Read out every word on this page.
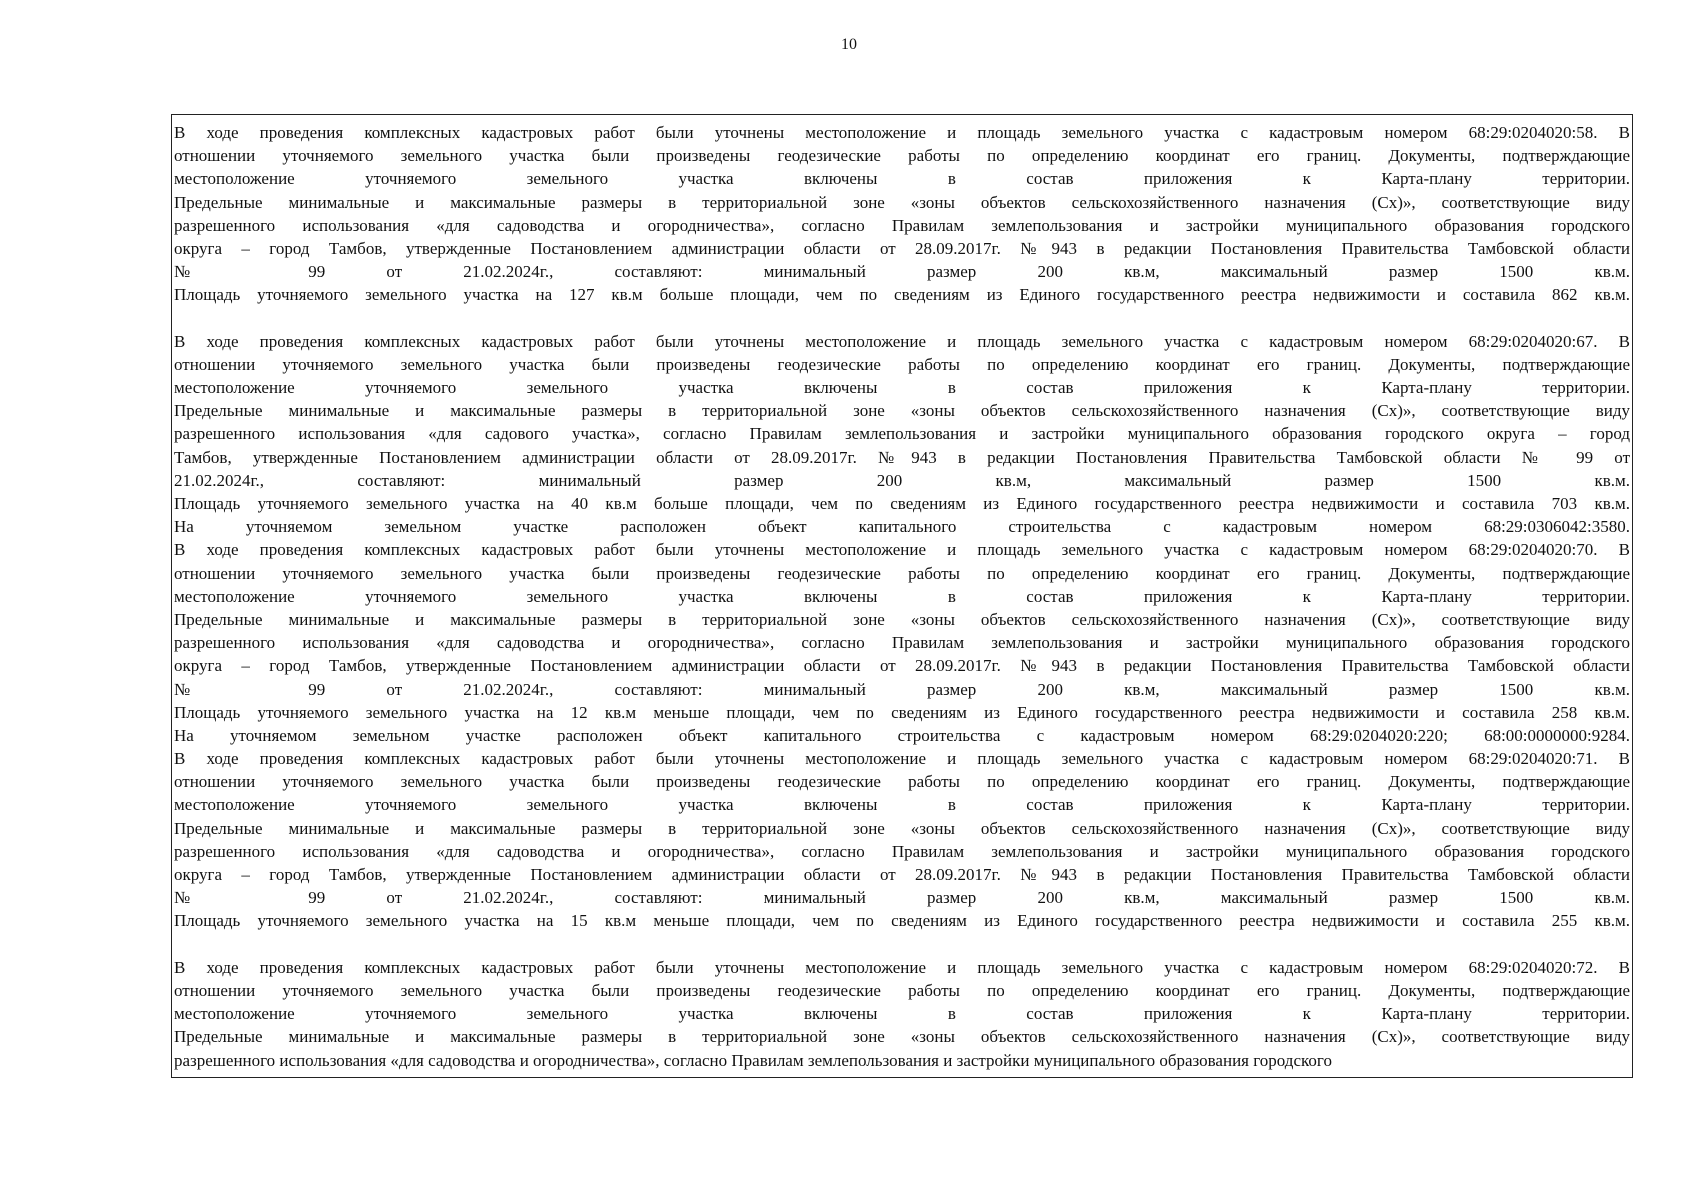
10
В ходе проведения комплексных кадастровых работ были уточнены местоположение и площадь земельного участка с кадастровым номером 68:29:0204020:58. В
отношении уточняемого земельного участка были произведены геодезические работы по определению координат его границ. Документы, подтверждающие
местоположение уточняемого земельного участка включены в состав приложения к Карта-плану территории.
Предельные минимальные и максимальные размеры в территориальной зоне «зоны объектов сельскохозяйственного назначения (Сх)», соответствующие виду
разрешенного использования «для садоводства и огородничества», согласно Правилам землепользования и застройки муниципального образования городского
округа – город Тамбов, утвержденные Постановлением администрации области от 28.09.2017г. №943 в редакции Постановления Правительства Тамбовской области
№ 99 от 21.02.2024г., составляют: минимальный размер 200 кв.м, максимальный размер 1500 кв.м.
Площадь уточняемого земельного участка на 127 кв.м больше площади, чем по сведениям из Единого государственного реестра недвижимости и составила 862 кв.м.
В ходе проведения комплексных кадастровых работ были уточнены местоположение и площадь земельного участка с кадастровым номером 68:29:0204020:67. В
отношении уточняемого земельного участка были произведены геодезические работы по определению координат его границ. Документы, подтверждающие
местоположение уточняемого земельного участка включены в состав приложения к Карта-плану территории.
Предельные минимальные и максимальные размеры в территориальной зоне «зоны объектов сельскохозяйственного назначения (Сх)», соответствующие виду
разрешенного использования «для садового участка», согласно Правилам землепользования и застройки муниципального образования городского округа – город
Тамбов, утвержденные Постановлением администрации области от 28.09.2017г. №943 в редакции Постановления Правительства Тамбовской области № 99 от
21.02.2024г., составляют: минимальный размер 200 кв.м, максимальный размер 1500 кв.м.
Площадь уточняемого земельного участка на 40 кв.м больше площади, чем по сведениям из Единого государственного реестра недвижимости и составила 703 кв.м.
На уточняемом земельном участке расположен объект капитального строительства с кадастровым номером 68:29:0306042:3580.
В ходе проведения комплексных кадастровых работ были уточнены местоположение и площадь земельного участка с кадастровым номером 68:29:0204020:70. В
отношении уточняемого земельного участка были произведены геодезические работы по определению координат его границ. Документы, подтверждающие
местоположение уточняемого земельного участка включены в состав приложения к Карта-плану территории.
Предельные минимальные и максимальные размеры в территориальной зоне «зоны объектов сельскохозяйственного назначения (Сх)», соответствующие виду
разрешенного использования «для садоводства и огородничества», согласно Правилам землепользования и застройки муниципального образования городского
округа – город Тамбов, утвержденные Постановлением администрации области от 28.09.2017г. №943 в редакции Постановления Правительства Тамбовской области
№ 99 от 21.02.2024г., составляют: минимальный размер 200 кв.м, максимальный размер 1500 кв.м.
Площадь уточняемого земельного участка на 12 кв.м меньше площади, чем по сведениям из Единого государственного реестра недвижимости и составила 258 кв.м.
На уточняемом земельном участке расположен объект капитального строительства с кадастровым номером 68:29:0204020:220; 68:00:0000000:9284.
В ходе проведения комплексных кадастровых работ были уточнены местоположение и площадь земельного участка с кадастровым номером 68:29:0204020:71. В
отношении уточняемого земельного участка были произведены геодезические работы по определению координат его границ. Документы, подтверждающие
местоположение уточняемого земельного участка включены в состав приложения к Карта-плану территории.
Предельные минимальные и максимальные размеры в территориальной зоне «зоны объектов сельскохозяйственного назначения (Сх)», соответствующие виду
разрешенного использования «для садоводства и огородничества», согласно Правилам землепользования и застройки муниципального образования городского
округа – город Тамбов, утвержденные Постановлением администрации области от 28.09.2017г. №943 в редакции Постановления Правительства Тамбовской области
№ 99 от 21.02.2024г., составляют: минимальный размер 200 кв.м, максимальный размер 1500 кв.м.
Площадь уточняемого земельного участка на 15 кв.м меньше площади, чем по сведениям из Единого государственного реестра недвижимости и составила 255 кв.м.
В ходе проведения комплексных кадастровых работ были уточнены местоположение и площадь земельного участка с кадастровым номером 68:29:0204020:72. В
отношении уточняемого земельного участка были произведены геодезические работы по определению координат его границ. Документы, подтверждающие
местоположение уточняемого земельного участка включены в состав приложения к Карта-плану территории.
Предельные минимальные и максимальные размеры в территориальной зоне «зоны объектов сельскохозяйственного назначения (Сх)», соответствующие виду
разрешенного использования «для садоводства и огородничества», согласно Правилам землепользования и застройки муниципального образования городского
